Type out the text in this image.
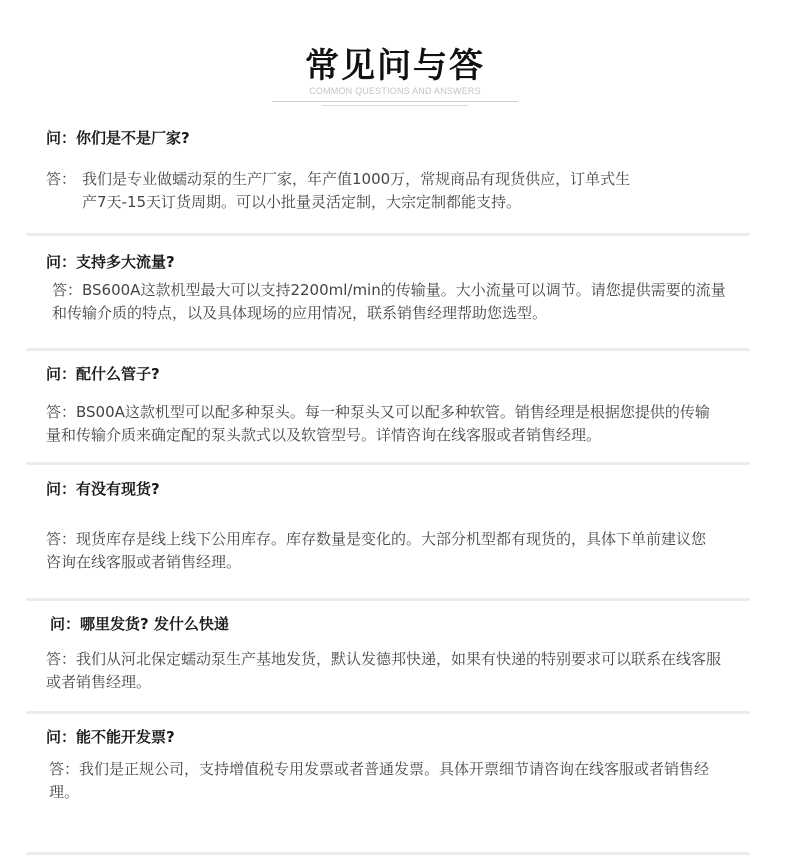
常见问与答
COMMON QUESTIONS AND ANSWERS
问：你们是不是厂家?
答： 我们是专业做蠕动泵的生产厂家，年产值1000万，常规商品有现货供应，订单式生产7天-15天订货周期。可以小批量灵活定制，大宗定制都能支持。
问：支持多大流量?
答：BS600A这款机型最大可以支持2200ml/min的传输量。大小流量可以调节。请您提供需要的流量和传输介质的特点，以及具体现场的应用情况，联系销售经理帮助您选型。
问：配什么管子?
答：BS00A这款机型可以配多种泵头。每一种泵头又可以配多种软管。销售经理是根据您提供的传输量和传输介质来确定配的泵头款式以及软管型号。详情咨询在线客服或者销售经理。
问：有没有现货?
答：现货库存是线上线下公用库存。库存数量是变化的。大部分机型都有现货的，具体下单前建议您咨询在线客服或者销售经理。
问：哪里发货? 发什么快递
答：我们从河北保定蠕动泵生产基地发货，默认发德邦快递，如果有快递的特别要求可以联系在线客服或者销售经理。
问：能不能开发票?
答：我们是正规公司，支持增值税专用发票或者普通发票。具体开票细节请咨询在线客服或者销售经理。
